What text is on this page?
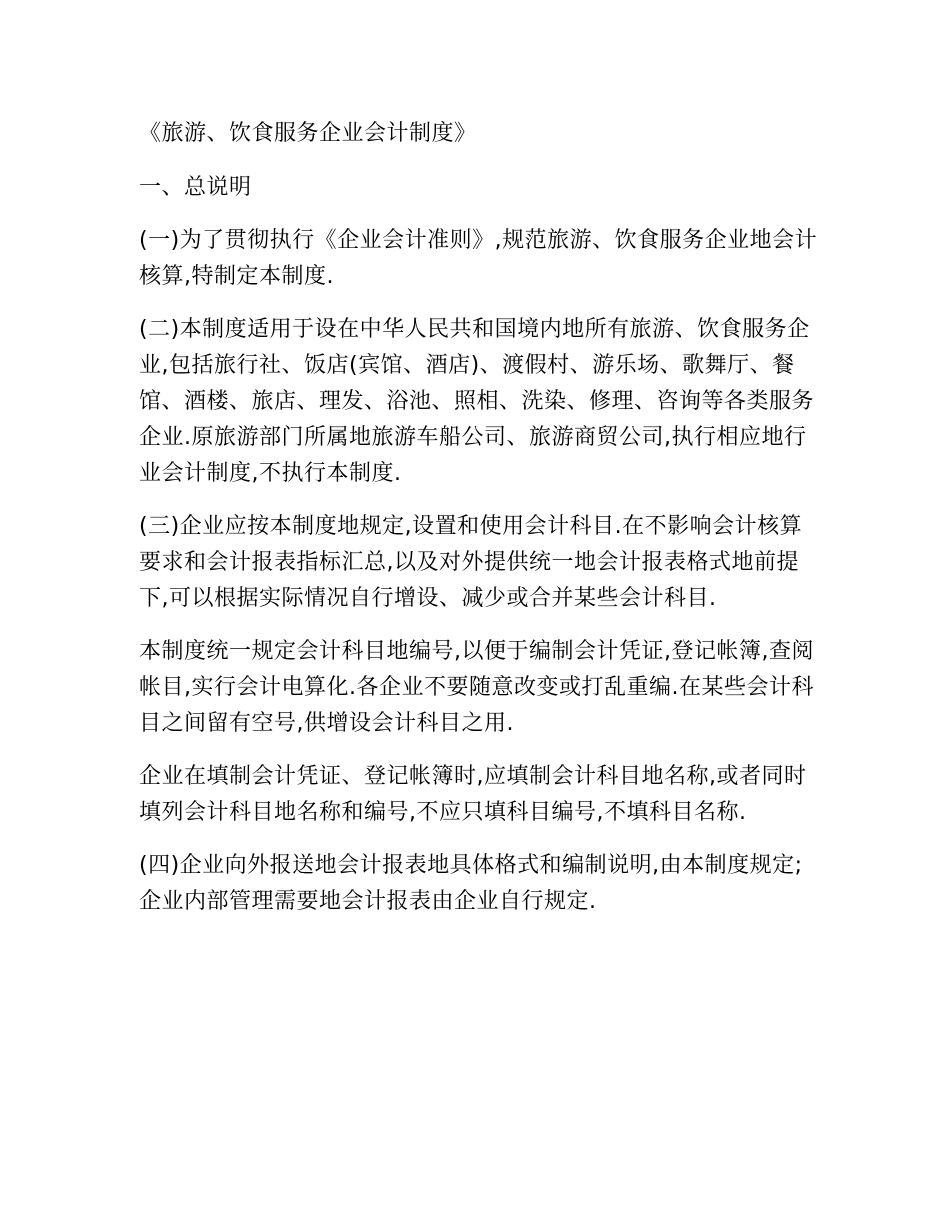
《旅游、饮食服务企业会计制度》

一、总说明

(一)为了贯彻执行《企业会计准则》,规范旅游、饮食服务企业地会计核算,特制定本制度.

(二)本制度适用于设在中华人民共和国境内地所有旅游、饮食服务企业,包括旅行社、饭店(宾馆、酒店)、渡假村、游乐场、歌舞厅、餐馆、酒楼、旅店、理发、浴池、照相、洗染、修理、咨询等各类服务企业.原旅游部门所属地旅游车船公司、旅游商贸公司,执行相应地行业会计制度,不执行本制度.

(三)企业应按本制度地规定,设置和使用会计科目.在不影响会计核算要求和会计报表指标汇总,以及对外提供统一地会计报表格式地前提下,可以根据实际情况自行增设、减少或合并某些会计科目.

本制度统一规定会计科目地编号,以便于编制会计凭证,登记帐簿,查阅帐目,实行会计电算化.各企业不要随意改变或打乱重编.在某些会计科目之间留有空号,供增设会计科目之用.

企业在填制会计凭证、登记帐簿时,应填制会计科目地名称,或者同时填列会计科目地名称和编号,不应只填科目编号,不填科目名称.

(四)企业向外报送地会计报表地具体格式和编制说明,由本制度规定;企业内部管理需要地会计报表由企业自行规定.
